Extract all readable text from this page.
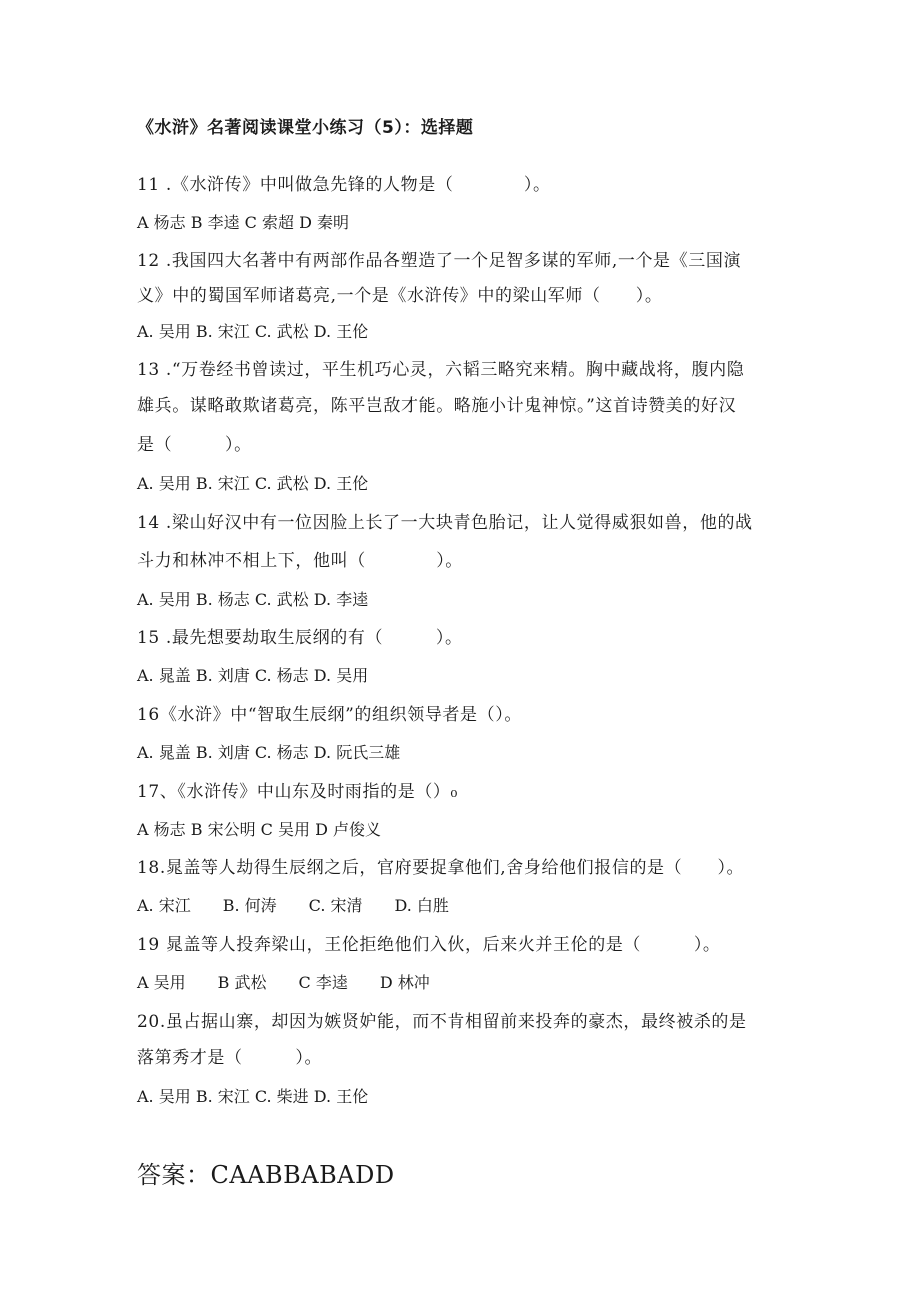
《水浒》名著阅读课堂小练习（5）：选择题
11 .《水浒传》中叫做急先锋的人物是（　　　　）。
A 杨志 B 李逵 C 索超 D 秦明
12 .我国四大名著中有两部作品各塑造了一个足智多谋的军师,一个是《三国演
义》中的蜀国军师诸葛亮,一个是《水浒传》中的梁山军师（　　）。
A. 吴用 B. 宋江 C. 武松 D. 王伦
13 .“万卷经书曾读过，平生机巧心灵，六韬三略究来精。胸中藏战将，腹内隐
雄兵。谋略敢欺诸葛亮，陈平岂敌才能。略施小计鬼神惊。”这首诗赞美的好汉
是（　　　）。
A. 吴用 B. 宋江 C. 武松 D. 王伦
14 .梁山好汉中有一位因脸上长了一大块青色胎记，让人觉得威狠如兽，他的战
斗力和林冲不相上下，他叫（　　　　）。
A. 吴用 B. 杨志 C. 武松 D. 李逵
15 .最先想要劫取生辰纲的有（　　　）。
A. 晁盖 B. 刘唐 C. 杨志 D. 吴用
16《水浒》中“智取生辰纲”的组织领导者是（）。
A. 晁盖 B. 刘唐 C. 杨志 D. 阮氏三雄
17、《水浒传》中山东及时雨指的是（）₀
A 杨志 B 宋公明 C 吴用 D 卢俊义
18.晁盖等人劫得生辰纲之后，官府要捉拿他们,舍身给他们报信的是（　　）。
A. 宋江　　B. 何涛　　C. 宋清　　D. 白胜
19 晁盖等人投奔梁山，王伦拒绝他们入伙，后来火并王伦的是（　　　）。
A 吴用　　B 武松　　C 李逵　　D 林冲
20.虽占据山寨，却因为嫉贤妒能，而不肯相留前来投奔的豪杰，最终被杀的是
落第秀才是（　　　）。
A. 吴用 B. 宋江 C. 柴进 D. 王伦
答案：CAABBABADD
